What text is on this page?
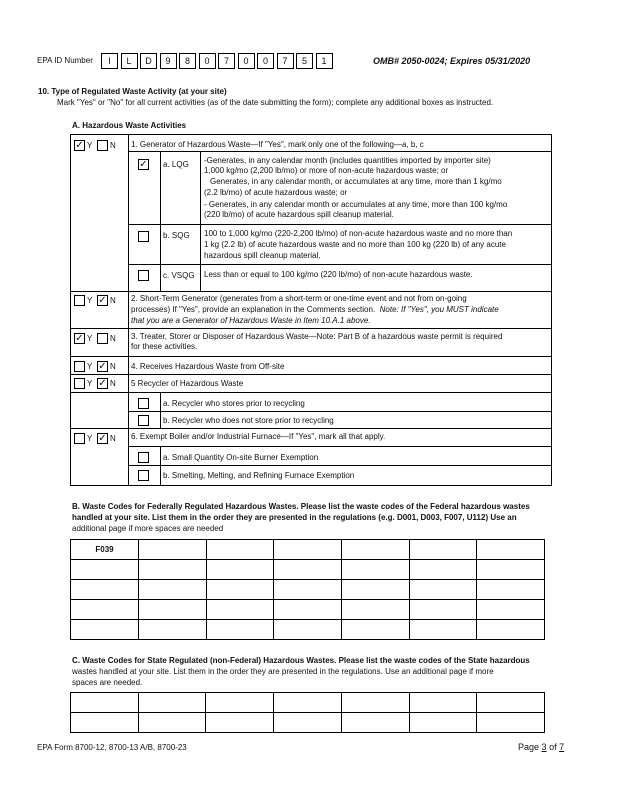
EPA ID Number	I	L	D	9	8	0	7	0	0	7	5	1	OMB# 2050-0024; Expires 05/31/2020
10. Type of Regulated Waste Activity (at your site)
Mark "Yes" or "No" for all current activities (as of the date submitting the form); complete any additional boxes as instructed.
A. Hazardous Waste Activities
✓ Y N 1. Generator of Hazardous Waste—If "Yes", mark only one of the following—a, b, c
✓ a. LQG -Generates, in any calendar month (includes quantities imported by importer site)
1,000 kg/mo (2,200 lb/mo) or more of non-acute hazardous waste; or
Generates, in any calendar month, or accumulates at any time, more than 1 kg/mo
(2.2 lb/mo) of acute hazardous waste; or
- Generates, in any calendar month or accumulates at any time, more than 100 kg/mo
(220 lb/mo) of acute hazardous spill cleanup material.
b. SQG 100 to 1,000 kg/mo (220-2,200 lb/mo) of non-acute hazardous waste and no more than
1 kg (2.2 lb) of acute hazardous waste and no more than 100 kg (220 lb) of any acute
hazardous spill cleanup material.
c. VSQG Less than or equal to 100 kg/mo (220 lb/mo) of non-acute hazardous waste.
Y ✓ N 2. Short-Term Generator (generates from a short-term or one-time event and not from on-going
processes) If "Yes", provide an explanation in the Comments section. Note: If "Yes", you MUST indicate
that you are a Generator of Hazardous Waste in Item 10.A.1 above.
✓ Y N 3. Treater, Storer or Disposer of Hazardous Waste—Note: Part B of a hazardous waste permit is required
for these activities.
Y ✓ N 4. Receives Hazardous Waste from Off-site
Y ✓ N 5 Recycler of Hazardous Waste
a. Recycler who stores prior to recycling
b. Recycler who does not store prior to recycling
Y ✓ N 6. Exempt Boiler and/or Industrial Furnace—If "Yes", mark all that apply.
a. Small Quantity On-site Burner Exemption
b. Smelting, Melting, and Refining Furnace Exemption
B. Waste Codes for Federally Regulated Hazardous Wastes. Please list the waste codes of the Federal hazardous wastes
handled at your site. List them in the order they are presented in the regulations (e.g. D001, D003, F007, U112) Use an
additional page if more spaces are needed
F039						

C. Waste Codes for State Regulated (non-Federal) Hazardous Wastes. Please list the waste codes of the State hazardous
wastes handled at your site. List them in the order they are presented in the regulations. Use an additional page if more
spaces are needed.

EPA Form 8700-12, 8700-13 A/B, 8700-23	Page 3 of 7
